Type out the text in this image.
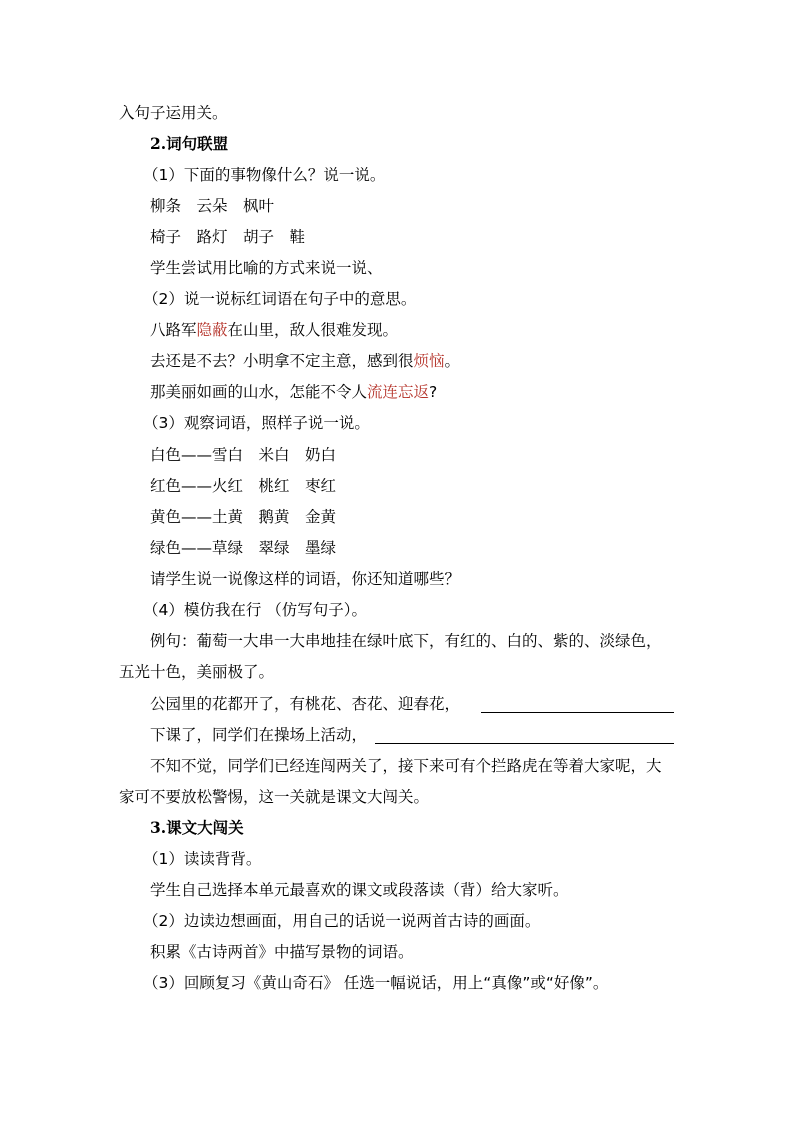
入句子运用关。
2.词句联盟
（1）下面的事物像什么？说一说。
柳条　云朵　枫叶
椅子　路灯　胡子　鞋
学生尝试用比喻的方式来说一说、
（2）说一说标红词语在句子中的意思。
八路军隐蔽在山里，敌人很难发现。
去还是不去？小明拿不定主意，感到很烦恼。
那美丽如画的山水，怎能不令人流连忘返?
（3）观察词语，照样子说一说。
白色——雪白　米白　奶白
红色——火红　桃红　枣红
黄色——土黄　鹅黄　金黄
绿色——草绿　翠绿　墨绿
请学生说一说像这样的词语，你还知道哪些？
（4）模仿我在行 （仿写句子）。
例句：葡萄一大串一大串地挂在绿叶底下，有红的、白的、紫的、淡绿色，
五光十色，美丽极了。
公园里的花都开了，有桃花、杏花、迎春花，
下课了，同学们在操场上活动，
不知不觉，同学们已经连闯两关了，接下来可有个拦路虎在等着大家呢，大
家可不要放松警惕，这一关就是课文大闯关。
3.课文大闯关
（1）读读背背。
学生自己选择本单元最喜欢的课文或段落读（背）给大家听。
（2）边读边想画面，用自己的话说一说两首古诗的画面。
积累《古诗两首》中描写景物的词语。
（3）回顾复习《黄山奇石》 任选一幅说话，用上“真像”或“好像”。
